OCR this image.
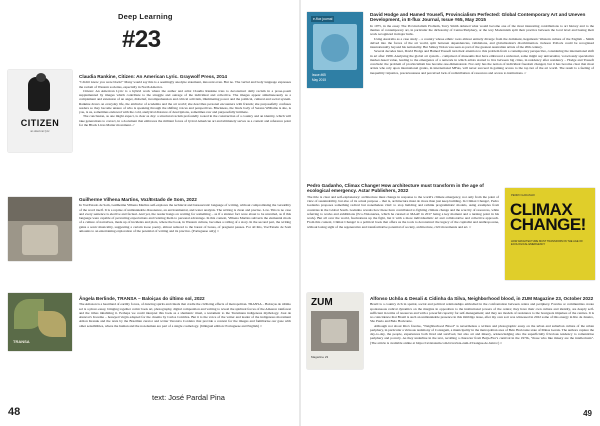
Deep Learning
#23
CITIZEN
an american lyric

Claudia Rankine, Citizen: An American Lyric. Graywolf Press, 2014

"I didn't know you were black!" Many would say this is a seemingly anodyne statement, innocent even. But no. The verbal and body language expresses the racism of Western societies, especially in North America.

Citizen: An American Lyric is a hybrid work where the author and artist Claudia Rankine tries to deconstruct daily racism in a prose-poem supplemented by images which contribute to the struggle and outrage of the individual and collective. The images appear simultaneously as a complement and extension of an anger, disbelief, incomprehension and critical activism, illuminating power and the political, cultural and social system. Rankine draws on everyday life, the attritulor of academia and the art world; she describes personal encounters with friends; she purposefully confuses readers so they become unsure of who is speaking through the shifting voices and perspectives. Blackness, the black body of Serena Williams is she, is you, is us, sometimes endowed with the cold, analytical distance of descriptions, sometimes raw and purposefully intimate.

The conclusion, as one might expect, is clear as day: a structural racism profoundly rooted in the construction of a country and an identity, which will take generations to correct, in a document that embraces the militant forces of lyrical American art and ultimately serves as a context and reference point for the Black Lives Matter movement. //

Guilherme Vilhena Martins, Voz/Estado de Som, 2022

In Voz/Estado de Som, Guilherme Vilhena Martins self-explores the technical and bureaucratic language of writing, without compromising the versatility of the word itself. It is a reprise of unmistakable dissonance, an environmental, and water analysis. The writing is clean and precise. Low. This is no case and every sentence is elective and factual. And yet, the reader hangs on waiting for something – as if a sinister fact were about to be unveiled, as if this language were capable of perverting expectations and twisting them to personal advantage. In this context, Vilhena Martins subverts the elemental mock of a culture of narratives, made up of incidents and plots, where the book, in Western culture, becomes a rolling of a story. In the second part, the writing gains a sonic musicality, suggesting a certain loose poetry, almost reduced to the barest of bones, of pregnant pauses. For all this, Voz/Estado de Som amounts to an entertaining exploration of the potential of writing and its practice. (Portuguese only) //

TRANSA

Ângela Berlinde, TRANSA – Baloiças do último sol, 2022

The Amazon is a heartland of earthly forces, of dancing spirits and rituals that cradle the civilizing effects of metropolitan. TRANSA – Baloiças do último sol is a photo essay, bringing together comic book art, photography, digital composition and writing to reveal the spiritual forces of the Amazon rainforest and the tribes inhabiting it. Perhaps we could interpret this book as a shamanic ritual, a testament to the Tucumanu indigenous mythology. José de Alencar's Iracema – honeyed virgin adapted for the cinema by Carlos Coimbra. But it is the voice of the writer and leader of the indigenous movement Ailton Krenak and the texts by the Brazilian curator and writer Veronica Cordeiro that provide a context for the images and familiarise our gaze with other sensibilities, where the human and the non-human are part of a single cosmology. (bilingual edition: Portuguese and English) //

text: José Pardal Pina
48
e-flux journal
Issue #65
May 2015

David Hodge and Hamed Yousefi, Provincialism Perfected: Global Contemporary Art and Uneven Development, in E-flux Journal, Issue #65, May 2015

In 1975, in the essay The Provincialism Problem, Terry Smith debated what would become one of the most interesting contributions to art history and to the themes of contemporary art, in particular the dichotomy of Centre/Periphery, or the way Modernism split their practice between the local level and basing their work recognized in major hubs.

Using Australia as a case study – a country whose ethnic roots almost entirely diverge from the dominant, hegemonic Western culture of the English – Smith delved into the forces of the art world, split between dependencies, validations, and globalisation's discrimination. Jackson Pollock could be recognised internationally beyond his nationality. But Sidney Nolan was seen as part of the greatest Australian artists of the 20th century.

Several decades later, David Hodge and Hamed Yousefi turn their attention to this problem from a contemporary perspective, considering the international shift in art after 1989. Analysing the global art system – comprised of museums that have embraced a universal, some might say universalist, voraciously speculative market-based value, leading to the emergence of a network in which artists started to live between big cities, in residency after residency – Hodge and Yousefi conclude: the problem of provincialism has become one-dimensional. Not only has the notion of individual freedom changed, but it has become clear that most artists who rely upon international grants, in international MFAs, will never succeed in gaining access to the top tier of the art world. The result is a feeling of inequalitiy: injustice, precariousness and perceived lack of redistribution of resources and access to institutions. //

Pedro Gadanho, Climax Change! How architecture must transform in the age of ecological emergency. Actar Publishers, 2022

The title is clear and self-explanatory: architecture must change in response to the world's climate emergency, not only from the point of view of sustainability, but also of its actual purpose – that is, architecture must do more than just keep building. In Climax Change!, Pedro Gadanho proposes something radical but nonetheless vital: to stop building and rethink programmatic models, using examples from countries in the Global South. Gadanho reveals how these have contributed to fighting climate change and the scarcity of resources, while referring to works and exhibitions (Eco-Visionaries, which he curated at MAAT in 2017 being a key moment and a turning point in his work). But all over the world, fascinations up the fight, but it with a more individualistic art and collaborative and collective approach. From this context, Climax Change! is a political book that offers us the tools to deconstruct the legacy of the capitalist and Anthropocene, without losing sight of the regenerative and transformative potential of society, architecture, civil movements and art. //

PEDRO GADANHO
CLIMAX CHANGE!
HOW ARCHITECTURE MUST TRANSFORM IN THE AGE OF ECOLOGICAL EMERGENCY
ZUM
Magazine 23

Alfonso Uchôa & Desali & Cidinha da Silva, Neighborhood blood, in ZUM Magazine 23, October 2022

Brazil is a country rich in spatial, social and political relationships embodied in the confrontation between centre and periphery. Favelas or communities create spontaneous radical dynamics on the margins in opposition to the institutional powers of the centre; they have their own culture and identity, are deeply self-sufficient in terms of resources and with a powerful capacity for self-management; and they are models of resistance to the bourgeois impulses of the centres. It is no coincidence that Brazil is such an unmistakable presence in this Ombligo issue, after my own sort was witnessed in 2022 some of this energy in Rio de Janeiro, São Paulo and Belo Horizonte.

Although not about Rio's favelas, "Neighborhood Blood" is nevertheless a written and photographic essay on the urban and suburban culture of the urban periphery, in particular a virtuous testimony of Contagem, a municipality in the metropolitan area of Belo Horizonte state of Minas Gerais. The authors capture the day-to-day, the people, experiences both lived and survived, but also art and misery, acknowledging also the superficially frivolous tendency to romanticise periphery and poverty. As they underline in the text, recalling a character from Beija-Flor's carnival in the 1970s, "those who like misery are the intellectuals". (The article is available online at https://revistazum.com.br/revista-zum-23/sangue-de-bairro/) //

49
